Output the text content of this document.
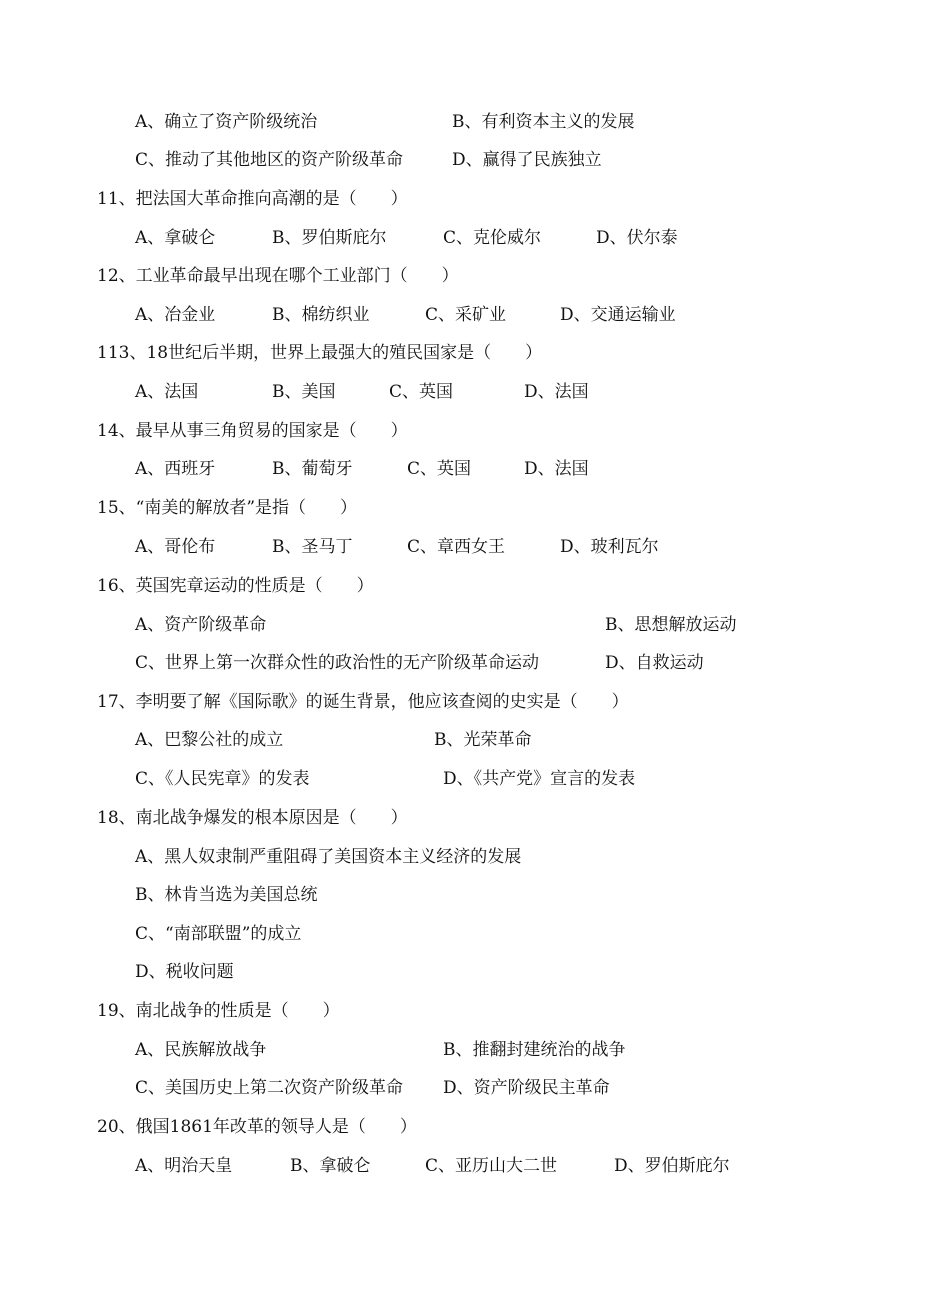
A、确立了资产阶级统治	B、有利资本主义的发展
C、推动了其他地区的资产阶级革命	D、赢得了民族独立
11、把法国大革命推向高潮的是（　　）
A、拿破仑	B、罗伯斯庇尔	C、克伦威尔	D、伏尔泰
12、工业革命最早出现在哪个工业部门（　　）
A、冶金业	B、棉纺织业	C、采矿业	D、交通运输业
113、18世纪后半期，世界上最强大的殖民国家是（　　）
A、法国	B、美国	C、英国	D、法国
14、最早从事三角贸易的国家是（　　）
A、西班牙	B、葡萄牙	C、英国	D、法国
15、“南美的解放者”是指（　　）
A、哥伦布	B、圣马丁	C、章西女王	D、玻利瓦尔
16、英国宪章运动的性质是（　　）
A、资产阶级革命	B、思想解放运动
C、世界上第一次群众性的政治性的无产阶级革命运动	D、自救运动
17、李明要了解《国际歌》的诞生背景，他应该查阅的史实是（　　）
A、巴黎公社的成立	B、光荣革命
C、《人民宪章》的发表	D、《共产党》宣言的发表
18、南北战争爆发的根本原因是（　　）
A、黑人奴隶制严重阻碍了美国资本主义经济的发展
B、林肯当选为美国总统
C、“南部联盟”的成立
D、税收问题
19、南北战争的性质是（　　）
A、民族解放战争	B、推翻封建统治的战争
C、美国历史上第二次资产阶级革命 D、资产阶级民主革命
20、俄国1861年改革的领导人是（　　）
A、明治天皇	B、拿破仑	C、亚历山大二世	D、罗伯斯庇尔
